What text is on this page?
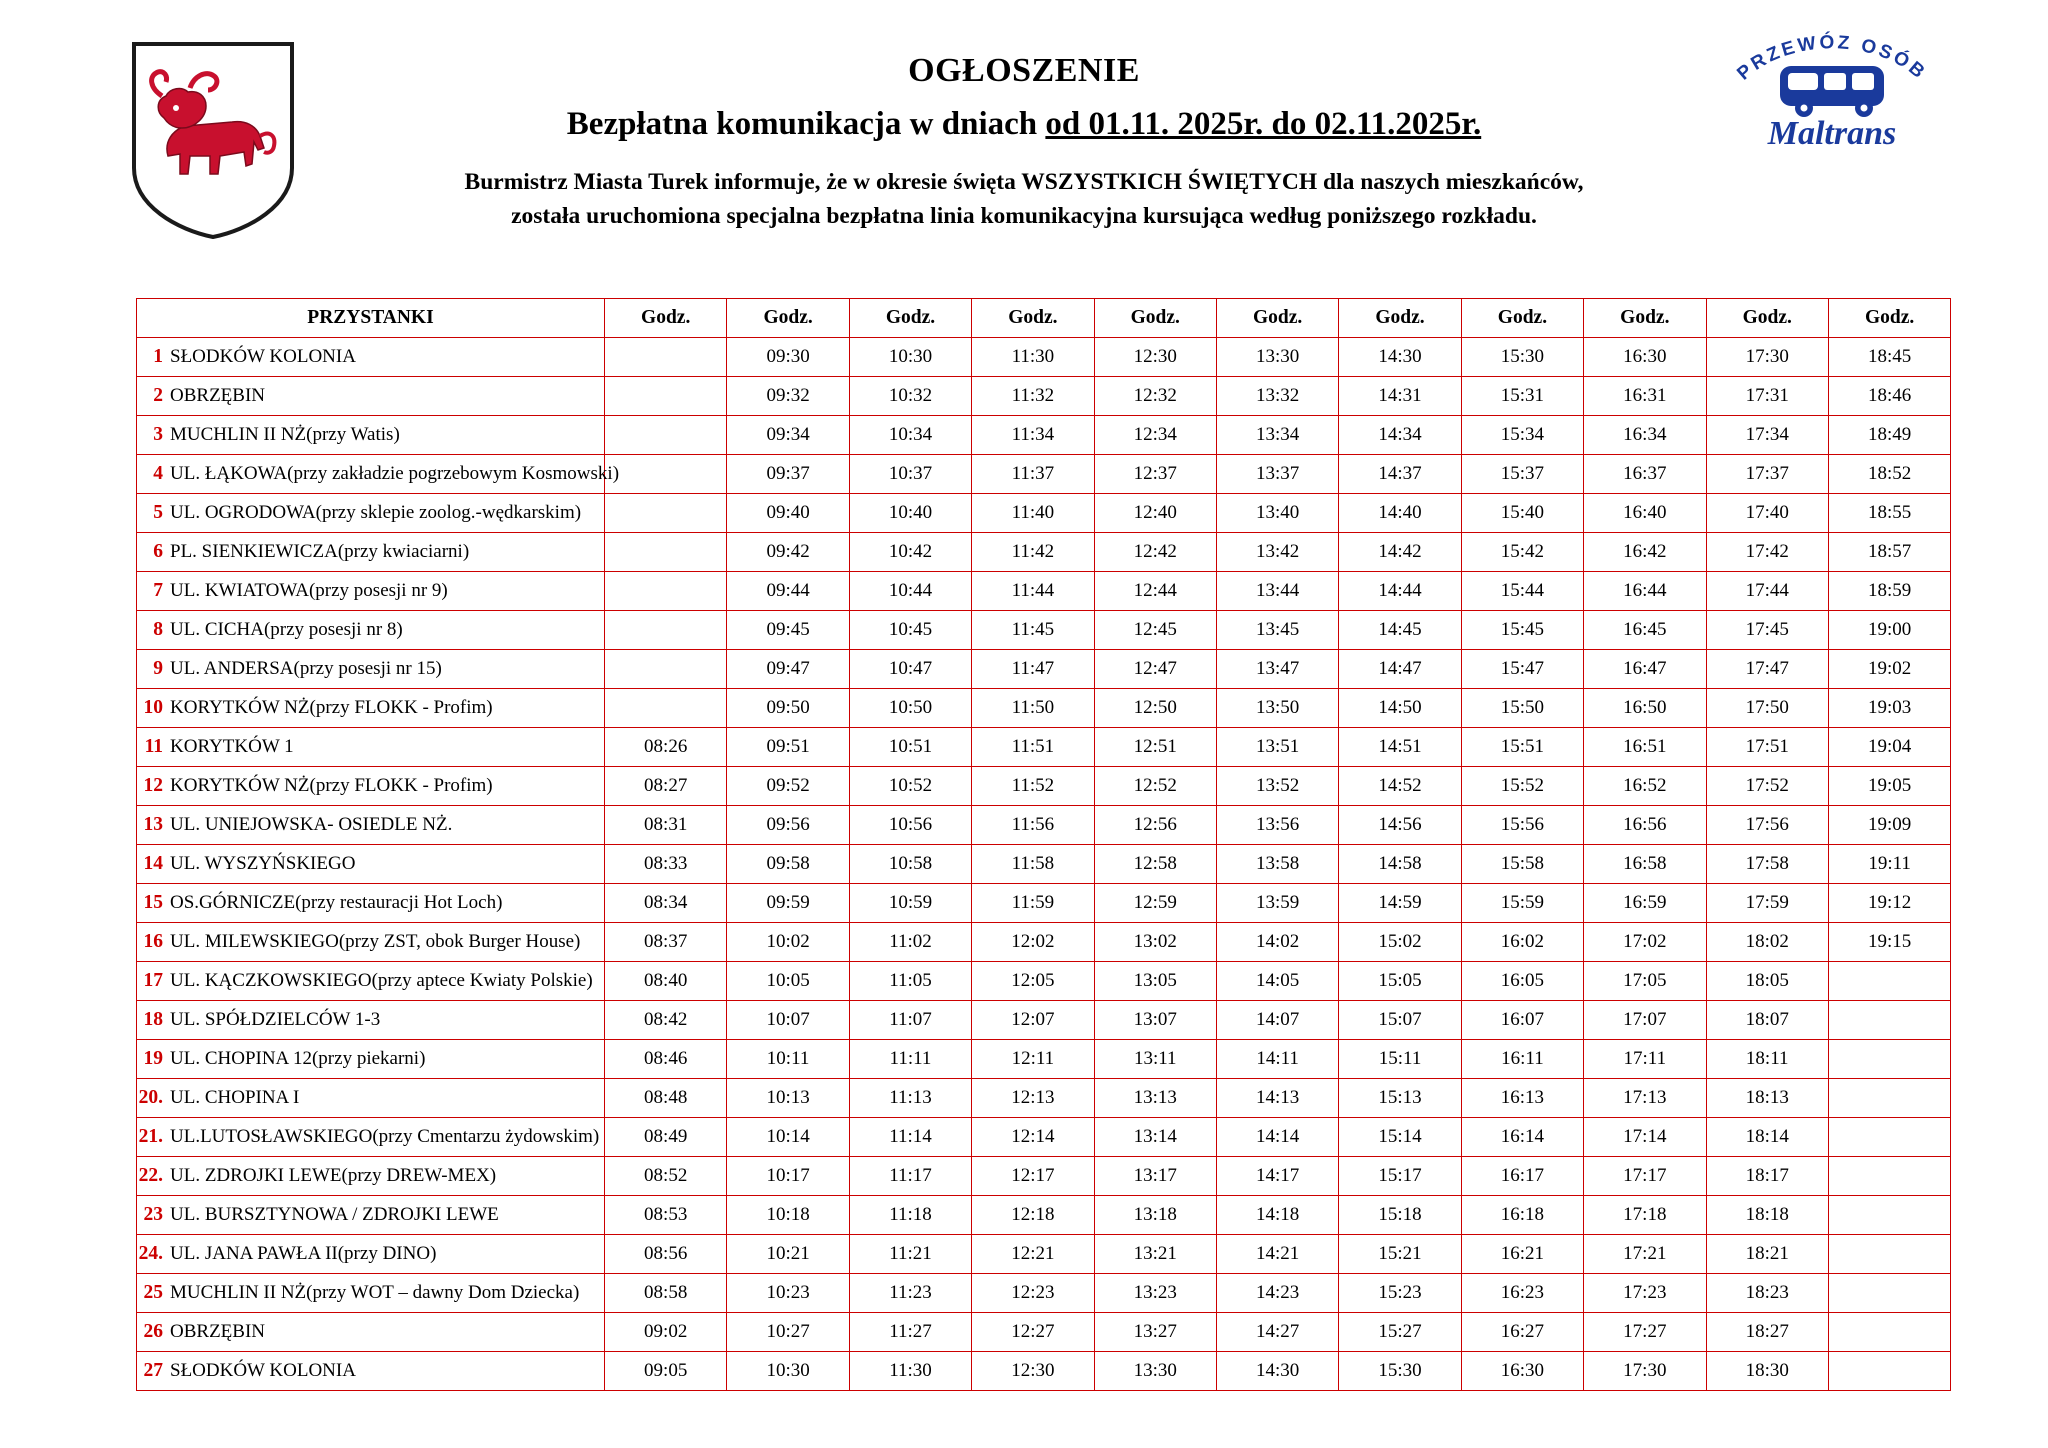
OGŁOSZENIE
Bezpłatna komunikacja w dniach od 01.11. 2025r. do 02.11.2025r.
Burmistrz Miasta Turek informuje, że w okresie święta WSZYSTKICH ŚWIĘTYCH dla naszych mieszkańców,
została uruchomiona specjalna bezpłatna linia komunikacyjna kursująca według poniższego rozkładu.
PRZEWÓZ OSÓB
Maltrans
PRZYSTANKI	Godz.	Godz.	Godz.	Godz.	Godz.	Godz.	Godz.	Godz.	Godz.	Godz.	Godz.
1 SŁODKÓW KOLONIA		09:30	10:30	11:30	12:30	13:30	14:30	15:30	16:30	17:30	18:45
2 OBRZĘBIN		09:32	10:32	11:32	12:32	13:32	14:31	15:31	16:31	17:31	18:46
3 MUCHLIN II NŻ(przy Watis)		09:34	10:34	11:34	12:34	13:34	14:34	15:34	16:34	17:34	18:49
4 UL. ŁĄKOWA(przy zakładzie pogrzebowym Kosmowski)		09:37	10:37	11:37	12:37	13:37	14:37	15:37	16:37	17:37	18:52
5 UL. OGRODOWA(przy sklepie zoolog.-wędkarskim)		09:40	10:40	11:40	12:40	13:40	14:40	15:40	16:40	17:40	18:55
6 PL. SIENKIEWICZA(przy kwiaciarni)		09:42	10:42	11:42	12:42	13:42	14:42	15:42	16:42	17:42	18:57
7 UL. KWIATOWA(przy posesji nr 9)		09:44	10:44	11:44	12:44	13:44	14:44	15:44	16:44	17:44	18:59
8 UL. CICHA(przy posesji nr 8)		09:45	10:45	11:45	12:45	13:45	14:45	15:45	16:45	17:45	19:00
9 UL. ANDERSA(przy posesji nr 15)		09:47	10:47	11:47	12:47	13:47	14:47	15:47	16:47	17:47	19:02
10 KORYTKÓW NŻ(przy FLOKK - Profim)		09:50	10:50	11:50	12:50	13:50	14:50	15:50	16:50	17:50	19:03
11 KORYTKÓW 1	08:26	09:51	10:51	11:51	12:51	13:51	14:51	15:51	16:51	17:51	19:04
12 KORYTKÓW NŻ(przy FLOKK - Profim)	08:27	09:52	10:52	11:52	12:52	13:52	14:52	15:52	16:52	17:52	19:05
13 UL. UNIEJOWSKA- OSIEDLE NŻ.	08:31	09:56	10:56	11:56	12:56	13:56	14:56	15:56	16:56	17:56	19:09
14 UL. WYSZYŃSKIEGO	08:33	09:58	10:58	11:58	12:58	13:58	14:58	15:58	16:58	17:58	19:11
15 OS.GÓRNICZE(przy restauracji Hot Loch)	08:34	09:59	10:59	11:59	12:59	13:59	14:59	15:59	16:59	17:59	19:12
16 UL. MILEWSKIEGO(przy ZST, obok Burger House)	08:37	10:02	11:02	12:02	13:02	14:02	15:02	16:02	17:02	18:02	19:15
17 UL. KĄCZKOWSKIEGO(przy aptece Kwiaty Polskie)	08:40	10:05	11:05	12:05	13:05	14:05	15:05	16:05	17:05	18:05	
18 UL. SPÓŁDZIELCÓW 1-3	08:42	10:07	11:07	12:07	13:07	14:07	15:07	16:07	17:07	18:07	
19 UL. CHOPINA 12(przy piekarni)	08:46	10:11	11:11	12:11	13:11	14:11	15:11	16:11	17:11	18:11	
20. UL. CHOPINA I	08:48	10:13	11:13	12:13	13:13	14:13	15:13	16:13	17:13	18:13	
21. UL.LUTOSŁAWSKIEGO(przy Cmentarzu żydowskim)	08:49	10:14	11:14	12:14	13:14	14:14	15:14	16:14	17:14	18:14	
22. UL. ZDROJKI LEWE(przy DREW-MEX)	08:52	10:17	11:17	12:17	13:17	14:17	15:17	16:17	17:17	18:17	
23 UL. BURSZTYNOWA / ZDROJKI LEWE	08:53	10:18	11:18	12:18	13:18	14:18	15:18	16:18	17:18	18:18	
24. UL. JANA PAWŁA II(przy DINO)	08:56	10:21	11:21	12:21	13:21	14:21	15:21	16:21	17:21	18:21	
25 MUCHLIN II NŻ(przy WOT – dawny Dom Dziecka)	08:58	10:23	11:23	12:23	13:23	14:23	15:23	16:23	17:23	18:23	
26 OBRZĘBIN	09:02	10:27	11:27	12:27	13:27	14:27	15:27	16:27	17:27	18:27	
27 SŁODKÓW KOLONIA	09:05	10:30	11:30	12:30	13:30	14:30	15:30	16:30	17:30	18:30	
